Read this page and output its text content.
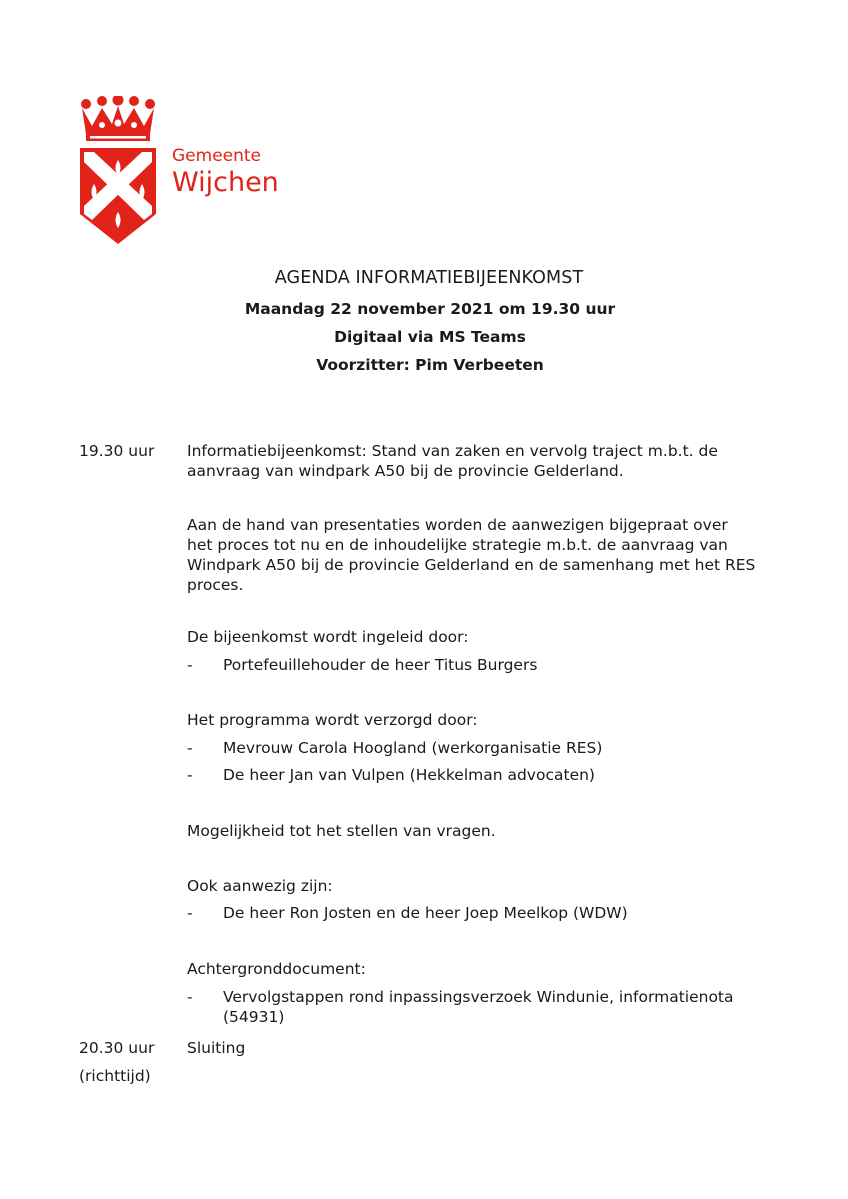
Gemeente
Wijchen
AGENDA INFORMATIEBIJEENKOMST
Maandag 22 november 2021 om 19.30 uur
Digitaal via MS Teams
Voorzitter: Pim Verbeeten
19.30 uur Informatiebijeenkomst: Stand van zaken en vervolg traject m.b.t. de aanvraag van windpark A50 bij de provincie Gelderland.
Aan de hand van presentaties worden de aanwezigen bijgepraat over het proces tot nu en de inhoudelijke strategie m.b.t. de aanvraag van Windpark A50 bij de provincie Gelderland en de samenhang met het RES proces.
De bijeenkomst wordt ingeleid door:
- Portefeuillehouder de heer Titus Burgers
Het programma wordt verzorgd door:
- Mevrouw Carola Hoogland (werkorganisatie RES)
- De heer Jan van Vulpen (Hekkelman advocaten)
Mogelijkheid tot het stellen van vragen.
Ook aanwezig zijn:
- De heer Ron Josten en de heer Joep Meelkop (WDW)
Achtergronddocument:
- Vervolgstappen rond inpassingsverzoek Windunie, informatienota (54931)
20.30 uur
(richttijd)
Sluiting
